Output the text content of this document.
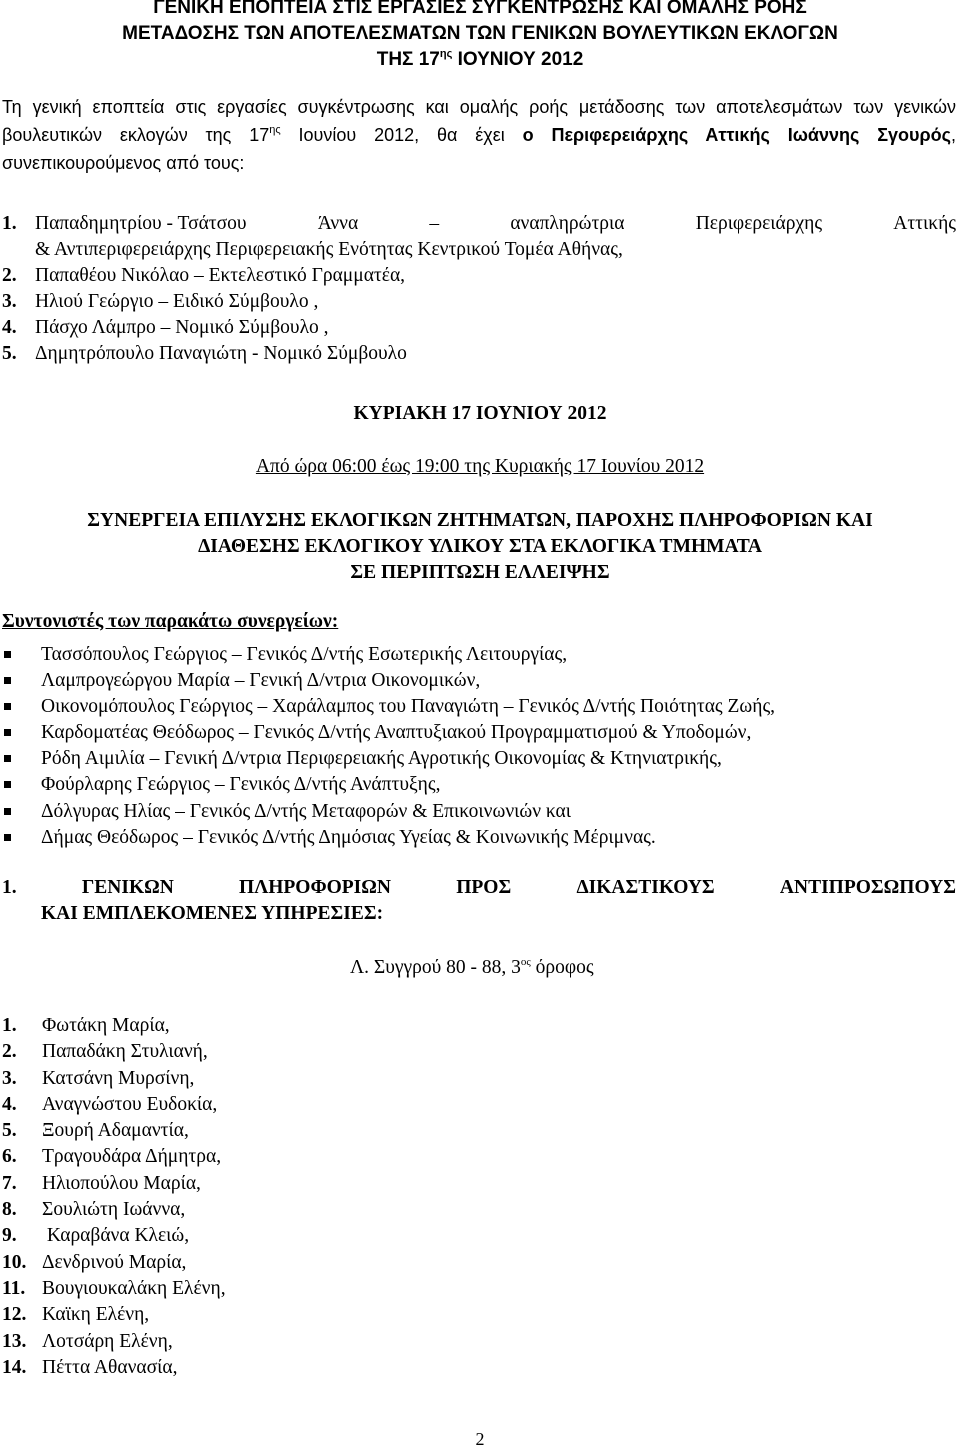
ΓΕΝΙΚΗ ΕΠΟΠΤΕΙΑ ΣΤΙΣ ΕΡΓΑΣΙΕΣ ΣΥΓΚΕΝΤΡΩΣΗΣ ΚΑΙ ΟΜΑΛΗΣ ΡΟΗΣ
ΜΕΤΑΔΟΣΗΣ ΤΩΝ ΑΠΟΤΕΛΕΣΜΑΤΩΝ ΤΩΝ ΓΕΝΙΚΩΝ ΒΟΥΛΕΥΤΙΚΩΝ ΕΚΛΟΓΩΝ
ΤΗΣ $17^{\eta\varsigma}$ ΙΟΥΝΙΟΥ 2012
Τη γενική εποπτεία στις εργασίες συγκέντρωσης και ομαλής ροής μετάδοσης των αποτελεσμάτων των γενικών βουλευτικών εκλογών της $17^{\eta\varsigma}$ Ιουνίου 2012, θα έχει ο Περιφερειάρχης Αττικής Ιωάννης Σγουρός, συνεπικουρούμενος από τους:
1. Παπαδημητρίου - Τσάτσου	Άννα	–	αναπληρώτρια	Περιφερειάρχης	Αττικής
& Αντιπεριφερειάρχης Περιφερειακής Ενότητας Κεντρικού Τομέα Αθήνας,
2. Παπαθέου Νικόλαο – Εκτελεστικό Γραμματέα,
3. Ηλιού Γεώργιο – Ειδικό Σύμβουλο ,
4. Πάσχο Λάμπρο – Νομικό Σύμβουλο ,
5. Δημητρόπουλο Παναγιώτη - Νομικό Σύμβουλο
ΚΥΡΙΑΚΗ 17 ΙΟΥΝΙΟΥ 2012
Από ώρα 06:00 έως 19:00 της Κυριακής 17 Ιουνίου 2012
ΣΥΝΕΡΓΕΙΑ ΕΠΙΛΥΣΗΣ ΕΚΛΟΓΙΚΩΝ ΖΗΤΗΜΑΤΩΝ, ΠΑΡΟΧΗΣ ΠΛΗΡΟΦΟΡΙΩΝ ΚΑΙ
ΔΙΑΘΕΣΗΣ ΕΚΛΟΓΙΚΟΥ ΥΛΙΚΟΥ ΣΤΑ ΕΚΛΟΓΙΚΑ ΤΜΗΜΑΤΑ
ΣΕ ΠΕΡΙΠΤΩΣΗ ΕΛΛΕΙΨΗΣ
Συντονιστές των παρακάτω συνεργείων:
Τασσόπουλος Γεώργιος – Γενικός Δ/ντής Εσωτερικής Λειτουργίας,
Λαμπρογεώργου Μαρία – Γενική Δ/ντρια Οικονομικών,
Οικονομόπουλος Γεώργιος – Χαράλαμπος του Παναγιώτη – Γενικός Δ/ντής Ποιότητας Ζωής,
Καρδοματέας Θεόδωρος – Γενικός Δ/ντής Αναπτυξιακού Προγραμματισμού & Υποδομών,
Ρόδη Αιμιλία – Γενική Δ/ντρια Περιφερειακής Αγροτικής Οικονομίας & Κτηνιατρικής,
Φούρλαρης Γεώργιος – Γενικός Δ/ντής Ανάπτυξης,
Δόλγυρας Ηλίας – Γενικός Δ/ντής Μεταφορών & Επικοινωνιών και
Δήμας Θεόδωρος – Γενικός Δ/ντής Δημόσιας Υγείας & Κοινωνικής Μέριμνας.
1.	ΓΕΝΙΚΩΝ	ΠΛΗΡΟΦΟΡΙΩΝ	ΠΡΟΣ	ΔΙΚΑΣΤΙΚΟΥΣ	ΑΝΤΙΠΡΟΣΩΠΟΥΣ
ΚΑΙ ΕΜΠΛΕΚΟΜΕΝΕΣ ΥΠΗΡΕΣΙΕΣ:
Λ. Συγγρού 80 - 88, $3^{o\varsigma}$ όροφος
1. Φωτάκη Μαρία,
2. Παπαδάκη Στυλιανή,
3. Κατσάνη Μυρσίνη,
4. Αναγνώστου Ευδοκία,
5. Ξουρή Αδαμαντία,
6. Τραγουδάρα Δήμητρα,
7. Ηλιοπούλου Μαρία,
8. Σουλιώτη Ιωάννα,
9. Καραβάνα Κλειώ,
10. Δενδρινού Μαρία,
11. Βουγιουκαλάκη Ελένη,
12. Καϊκη Ελένη,
13. Λοτσάρη Ελένη,
14. Πέττα Αθανασία,
2
